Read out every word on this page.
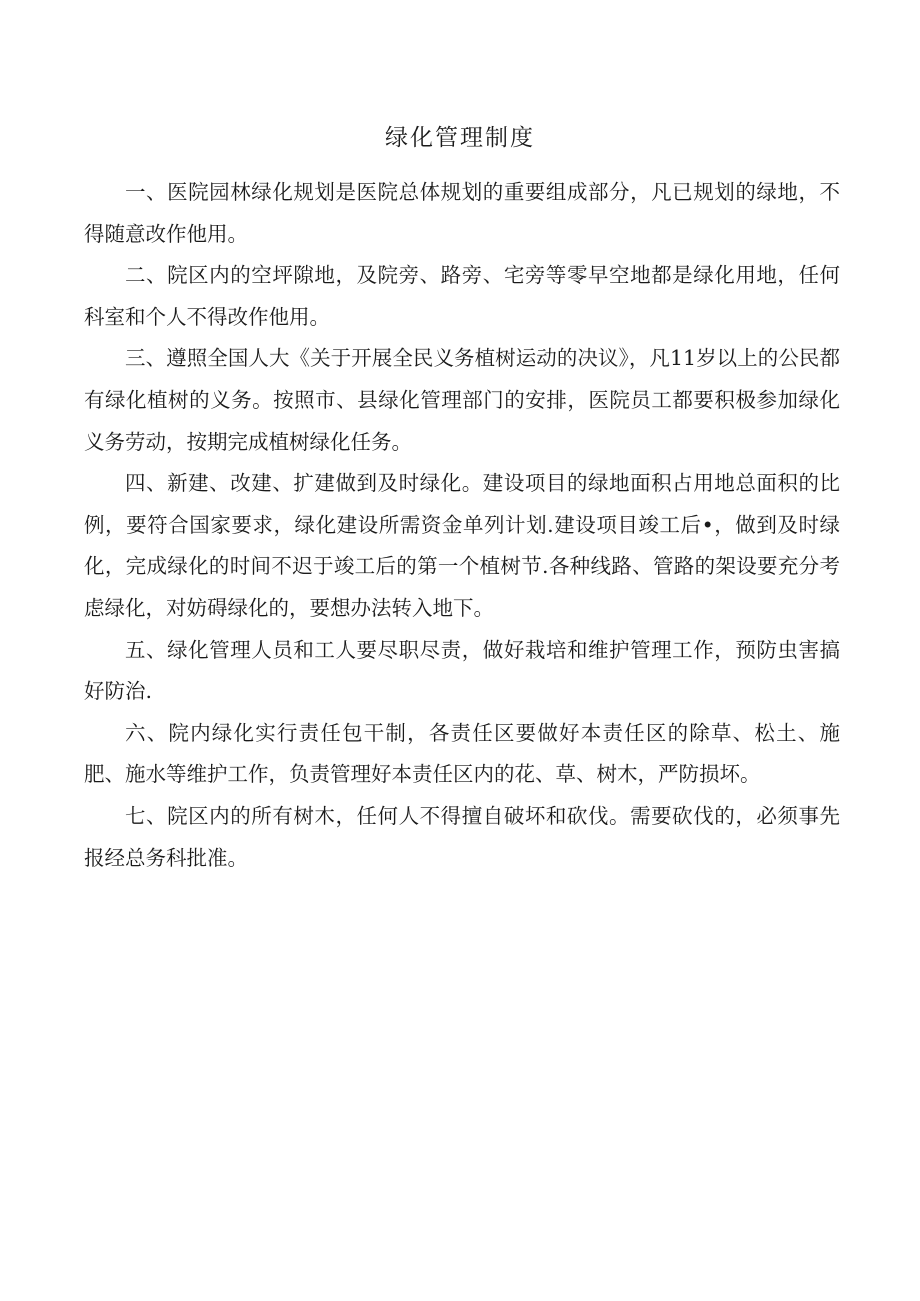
绿化管理制度

一、医院园林绿化规划是医院总体规划的重要组成部分，凡已规划的绿地，不得随意改作他用。

二、院区内的空坪隙地，及院旁、路旁、宅旁等零早空地都是绿化用地，任何科室和个人不得改作他用。

三、遵照全国人大《关于开展全民义务植树运动的决议》，凡11岁以上的公民都有绿化植树的义务。按照市、县绿化管理部门的安排，医院员工都要积极参加绿化义务劳动，按期完成植树绿化任务。

四、新建、改建、扩建做到及时绿化。建设项目的绿地面积占用地总面积的比例，要符合国家要求，绿化建设所需资金单列计划.建设项目竣工后•，做到及时绿化，完成绿化的时间不迟于竣工后的第一个植树节.各种线路、管路的架设要充分考虑绿化，对妨碍绿化的，要想办法转入地下。

五、绿化管理人员和工人要尽职尽责，做好栽培和维护管理工作，预防虫害搞好防治.

六、院内绿化实行责任包干制，各责任区要做好本责任区的除草、松土、施肥、施水等维护工作，负责管理好本责任区内的花、草、树木，严防损坏。

七、院区内的所有树木，任何人不得擅自破坏和砍伐。需要砍伐的，必须事先报经总务科批准。
